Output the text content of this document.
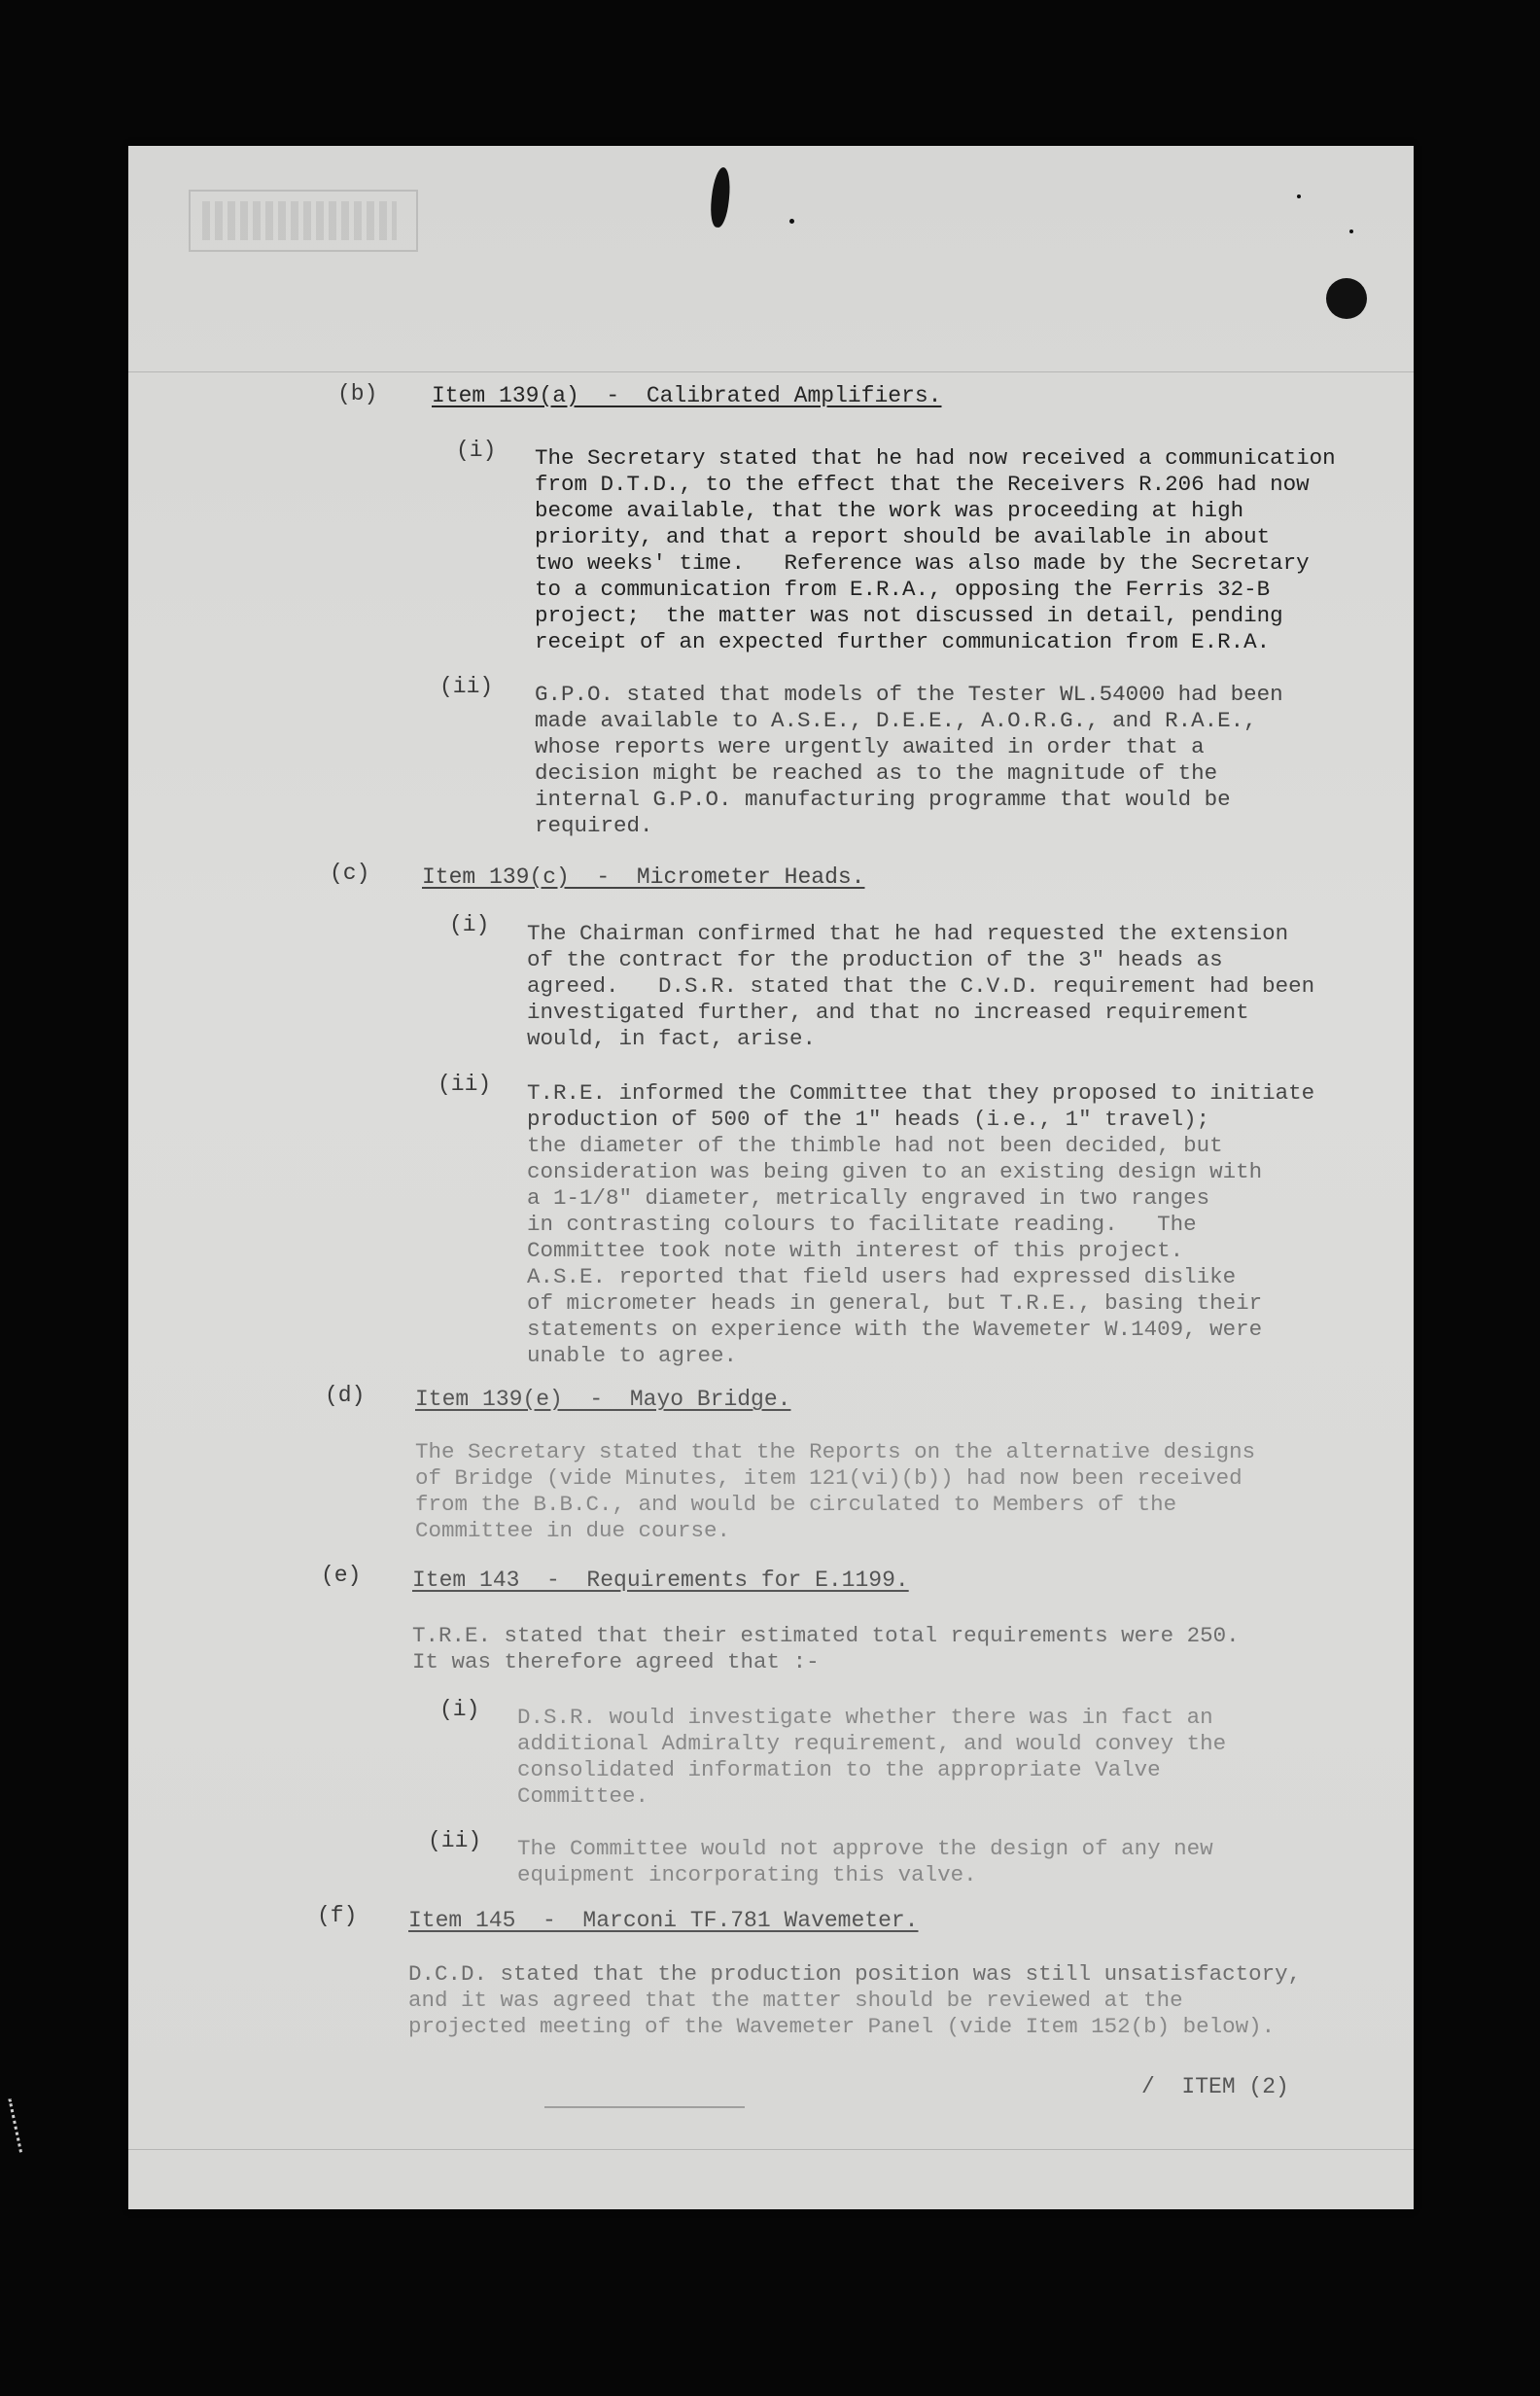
(b) Item 139(a)  -  Calibrated Amplifiers.
(i) The Secretary stated that he had now received a communication
from D.T.D., to the effect that the Receivers R.206 had now
become available, that the work was proceeding at high
priority, and that a report should be available in about
two weeks' time.   Reference was also made by the Secretary
to a communication from E.R.A., opposing the Ferris 32-B
project;  the matter was not discussed in detail, pending
receipt of an expected further communication from E.R.A.
(ii) G.P.O. stated that models of the Tester WL.54000 had been
made available to A.S.E., D.E.E., A.O.R.G., and R.A.E.,
whose reports were urgently awaited in order that a
decision might be reached as to the magnitude of the
internal G.P.O. manufacturing programme that would be
required.
(c) Item 139(c)  -  Micrometer Heads.
(i) The Chairman confirmed that he had requested the extension
of the contract for the production of the 3" heads as
agreed.   D.S.R. stated that the C.V.D. requirement had been
investigated further, and that no increased requirement
would, in fact, arise.
(ii) T.R.E. informed the Committee that they proposed to initiate
production of 500 of the 1" heads (i.e., 1" travel);
the diameter of the thimble had not been decided, but
consideration was being given to an existing design with
a 1-1/8" diameter, metrically engraved in two ranges
in contrasting colours to facilitate reading.   The
Committee took note with interest of this project.
A.S.E. reported that field users had expressed dislike
of micrometer heads in general, but T.R.E., basing their
statements on experience with the Wavemeter W.1409, were
unable to agree.
(d) Item 139(e)  -  Mayo Bridge.
The Secretary stated that the Reports on the alternative designs
of Bridge (vide Minutes, item 121(vi)(b)) had now been received
from the B.B.C., and would be circulated to Members of the
Committee in due course.
(e) Item 143  -  Requirements for E.1199.
T.R.E. stated that their estimated total requirements were 250.
It was therefore agreed that :-
(i) D.S.R. would investigate whether there was in fact an
additional Admiralty requirement, and would convey the
consolidated information to the appropriate Valve
Committee.
(ii) The Committee would not approve the design of any new
equipment incorporating this valve.
(f) Item 145  -  Marconi TF.781 Wavemeter.
D.C.D. stated that the production position was still unsatisfactory,
and it was agreed that the matter should be reviewed at the
projected meeting of the Wavemeter Panel (vide Item 152(b) below).
/  ITEM (2)
